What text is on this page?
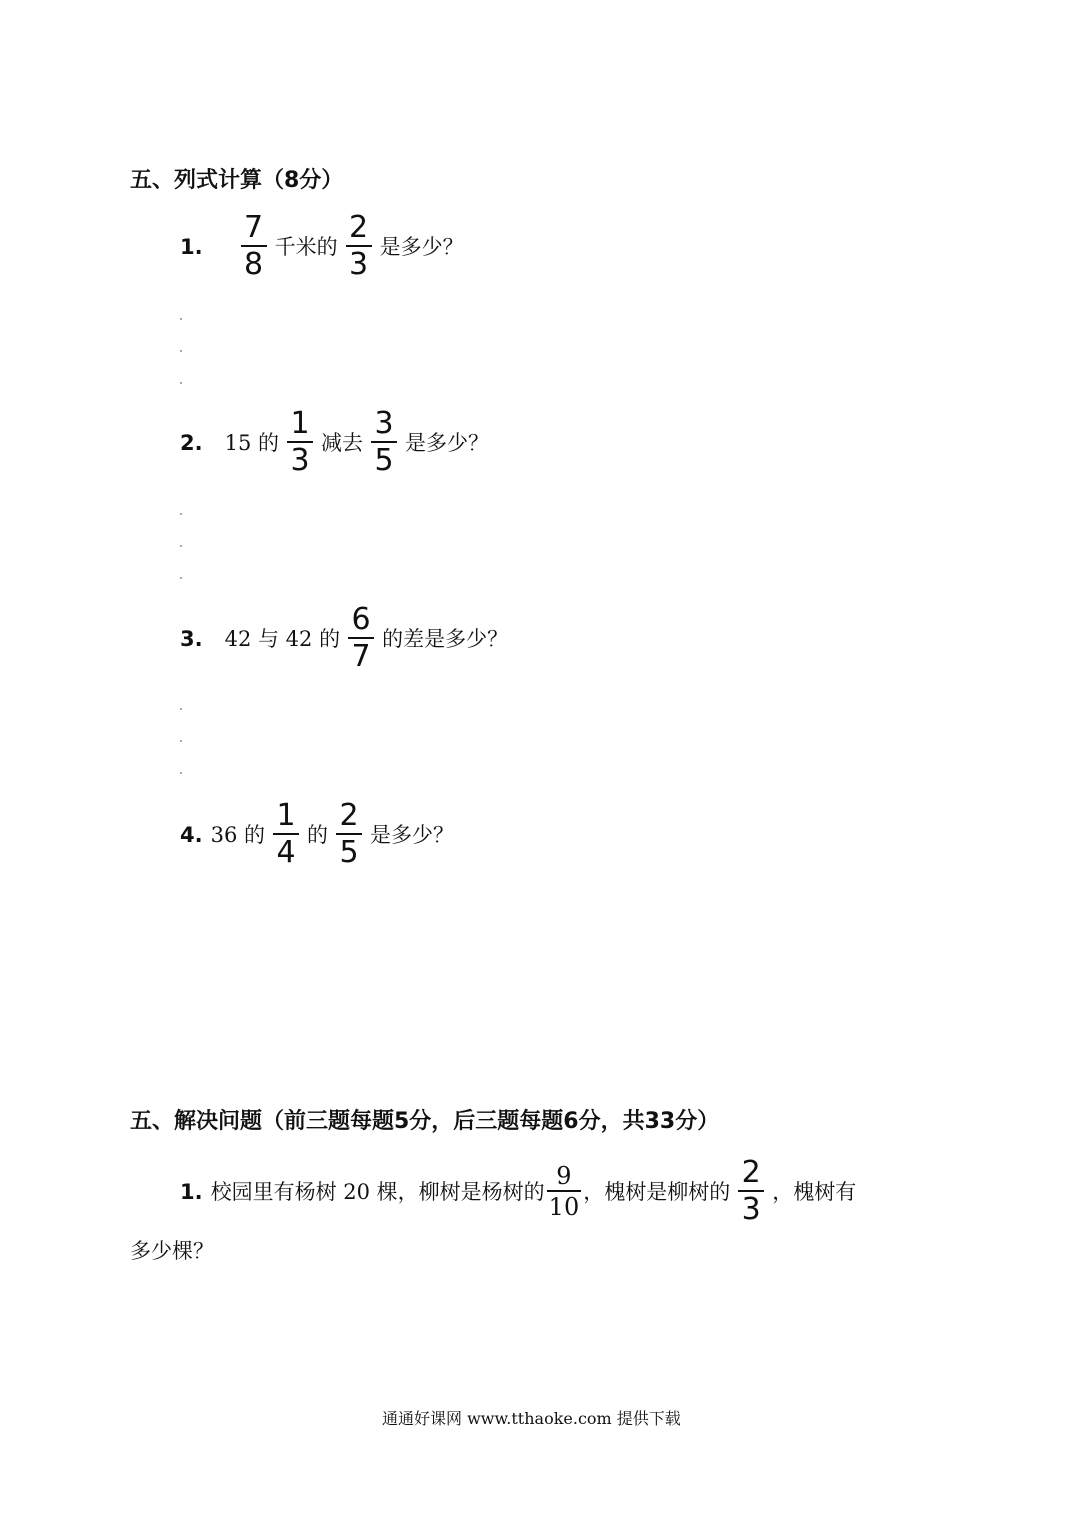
五、列式计算（8分）
1. $\frac{7}{8}$ 千米的 $\frac{2}{3}$ 是多少？
2. 15 的 $\frac{1}{3}$ 减去 $\frac{3}{5}$ 是多少？
3. 42 与 42 的 $\frac{6}{7}$ 的差是多少？
4. 36 的 $\frac{1}{4}$ 的 $\frac{2}{5}$ 是多少？
五、解决问题（前三题每题5分，后三题每题6分，共33分）
1. 校园里有杨树 20 棵，柳树是杨树的 $\frac{9}{10}$ ，槐树是柳树的 $\frac{2}{3}$ ，槐树有
多少棵？
通通好课网 www.tthaoke.com 提供下载
